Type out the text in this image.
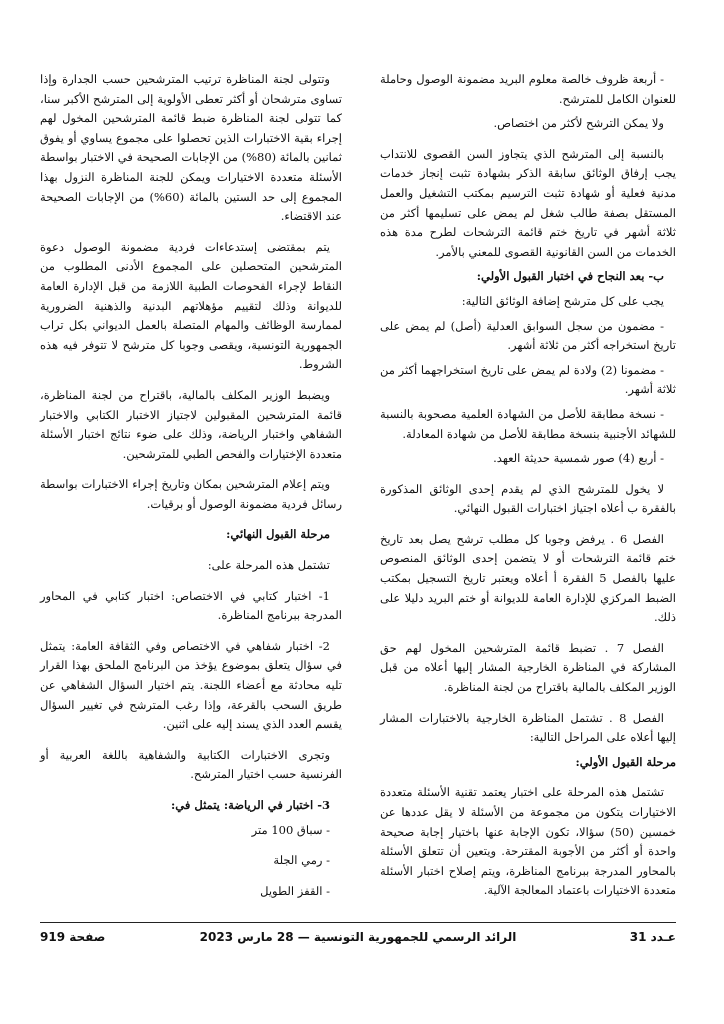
- أربعة ظروف خالصة معلوم البريد مضمونة الوصول وحاملة للعنوان الكامل للمترشح.
ولا يمكن الترشح لأكثر من اختصاص.
بالنسبة إلى المترشح الذي يتجاوز السن القصوى للانتداب يجب إرفاق الوثائق سابقة الذكر بشهادة تثبت إنجاز خدمات مدنية فعلية أو شهادة تثبت الترسيم بمكتب التشغيل والعمل المستقل بصفة طالب شغل لم يمض على تسليمها أكثر من ثلاثة أشهر في تاريخ ختم قائمة الترشحات لطرح مدة هذه الخدمات من السن القانونية القصوى للمعني بالأمر.
ب- بعد النجاح في اختبار القبول الأولي:
يجب على كل مترشح إضافة الوثائق التالية:
- مضمون من سجل السوابق العدلية (أصل) لم يمض على تاريخ استخراجه أكثر من ثلاثة أشهر.
- مضمونا (2) ولادة لم يمض على تاريخ استخراجهما أكثر من ثلاثة أشهر.
- نسخة مطابقة للأصل من الشهادة العلمية مصحوبة بالنسبة للشهائد الأجنبية بنسخة مطابقة للأصل من شهادة المعادلة.
- أربع (4) صور شمسية حديثة العهد.
لا يخول للمترشح الذي لم يقدم إحدى الوثائق المذكورة بالفقرة ب أعلاه اجتياز اختبارات القبول النهائي.
الفصل 6 . يرفض وجوبا كل مطلب ترشح يصل بعد تاريخ ختم قائمة الترشحات أو لا يتضمن إحدى الوثائق المنصوص عليها بالفصل 5 الفقرة أ أعلاه ويعتبر تاريخ التسجيل بمكتب الضبط المركزي للإدارة العامة للديوانة أو ختم البريد دليلا على ذلك.
الفصل 7 . تضبط قائمة المترشحين المخول لهم حق المشاركة في المناظرة الخارجية المشار إليها أعلاه من قبل الوزير المكلف بالمالية باقتراح من لجنة المناظرة.
الفصل 8 . تشتمل المناظرة الخارجية بالاختبارات المشار إليها أعلاه على المراحل التالية:
مرحلة القبول الأولي:
تشتمل هذه المرحلة على اختبار يعتمد تقنية الأسئلة متعددة الاختيارات يتكون من مجموعة من الأسئلة لا يقل عددها عن خمسين (50) سؤالا، تكون الإجابة عنها باختيار إجابة صحيحة واحدة أو أكثر من الأجوبة المقترحة. ويتعين أن تتعلق الأسئلة بالمحاور المدرجة ببرنامج المناظرة، ويتم إصلاح اختبار الأسئلة متعددة الاختيارات باعتماد المعالجة الآلية.
وتتولى لجنة المناظرة ترتيب المترشحين حسب الجدارة وإذا تساوى مترشحان أو أكثر تعطى الأولوية إلى المترشح الأكبر سنا، كما تتولى لجنة المناظرة ضبط قائمة المترشحين المخول لهم إجراء بقية الاختبارات الذين تحصلوا على مجموع يساوي أو يفوق ثمانين بالمائة (80%) من الإجابات الصحيحة في الاختبار بواسطة الأسئلة متعددة الاختيارات ويمكن للجنة المناظرة النزول بهذا المجموع إلى حد الستين بالمائة (60%) من الإجابات الصحيحة عند الاقتضاء.
يتم بمقتضى إستدعاءات فردية مضمونة الوصول دعوة المترشحين المتحصلين على المجموع الأدنى المطلوب من النقاط لإجراء الفحوصات الطبية اللازمة من قبل الإدارة العامة للديوانة وذلك لتقييم مؤهلاتهم البدنية والذهنية الضرورية لممارسة الوظائف والمهام المتصلة بالعمل الديواني بكل تراب الجمهورية التونسية، ويقصى وجوبا كل مترشح لا تتوفر فيه هذه الشروط.
ويضبط الوزير المكلف بالمالية، باقتراح من لجنة المناظرة، قائمة المترشحين المقبولين لاجتياز الاختبار الكتابي والاختبار الشفاهي واختبار الرياضة، وذلك على ضوء نتائج اختبار الأسئلة متعددة الإختيارات والفحص الطبي للمترشحين.
ويتم إعلام المترشحين بمكان وتاريخ إجراء الاختبارات بواسطة رسائل فردية مضمونة الوصول أو برقيات.
مرحلة القبول النهائي:
تشتمل هذه المرحلة على:
1- اختبار كتابي في الاختصاص: اختبار كتابي في المحاور المدرجة ببرنامج المناظرة.
2- اختبار شفاهي في الاختصاص وفي الثقافة العامة: يتمثل في سؤال يتعلق بموضوع يؤخذ من البرنامج الملحق بهذا القرار تليه محادثة مع أعضاء اللجنة. يتم اختيار السؤال الشفاهي عن طريق السحب بالقرعة، وإذا رغب المترشح في تغيير السؤال يقسم العدد الذي يسند إليه على اثنين.
وتجرى الاختبارات الكتابية والشفاهية باللغة العربية أو الفرنسية حسب اختيار المترشح.
3- اختبار في الرياضة: يتمثل في:
- سباق 100 متر
- رمي الجلة
- القفز الطويل
عـدد 31
الرائد الرسمي للجمهورية التونسية — 28 مارس 2023
صفحة 919
